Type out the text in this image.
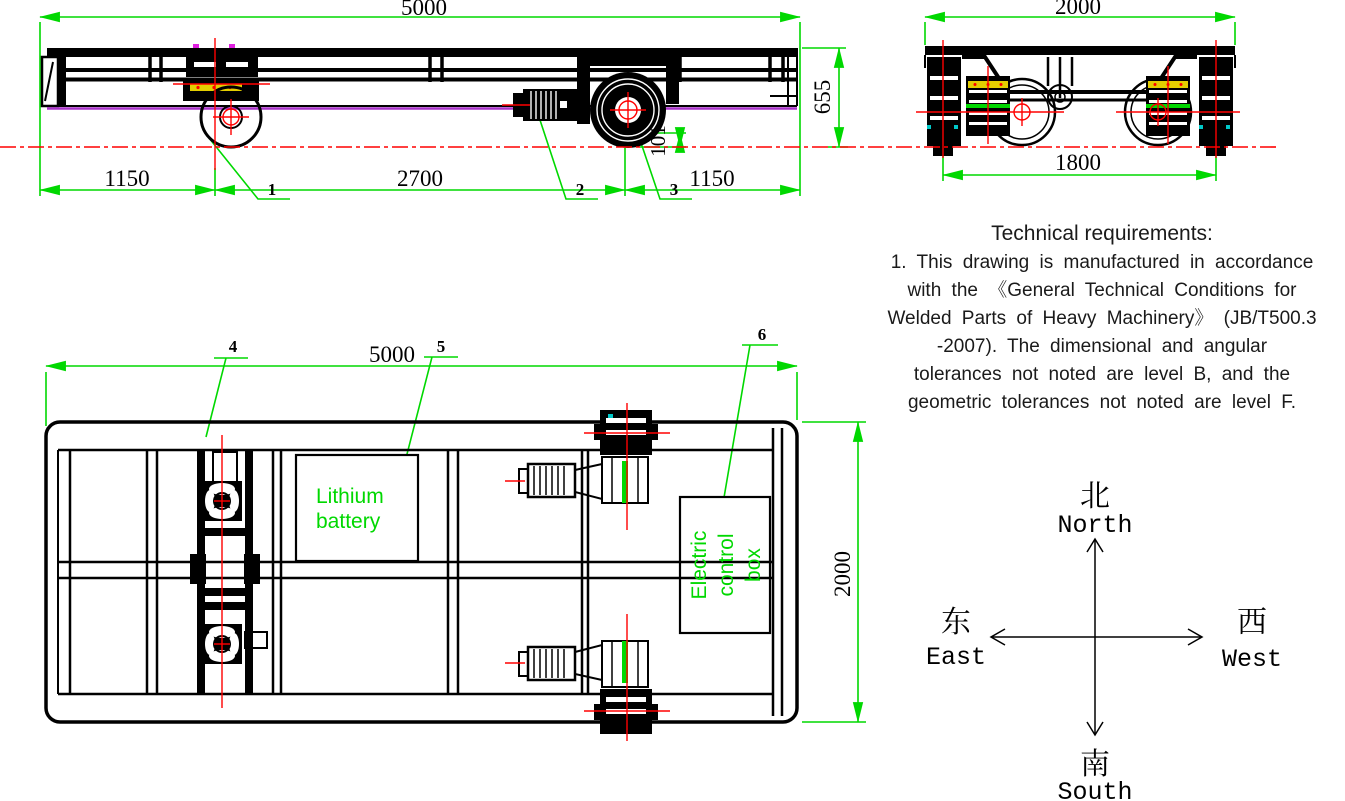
5000
1150	2700	1150
655
101
1	2	3
2000
1800
5000
2000
Lithium
battery
Electric control box
4	5
6
Technical requirements:
1. This drawing is manufactured in accordance
with the 《General Technical Conditions for
Welded Parts of Heavy Machinery》 (JB/T500.3
-2007). The dimensional and angular
tolerances not noted are level B, and the
geometric tolerances not noted are level F.
北
North
东
East
西
West
南
South
